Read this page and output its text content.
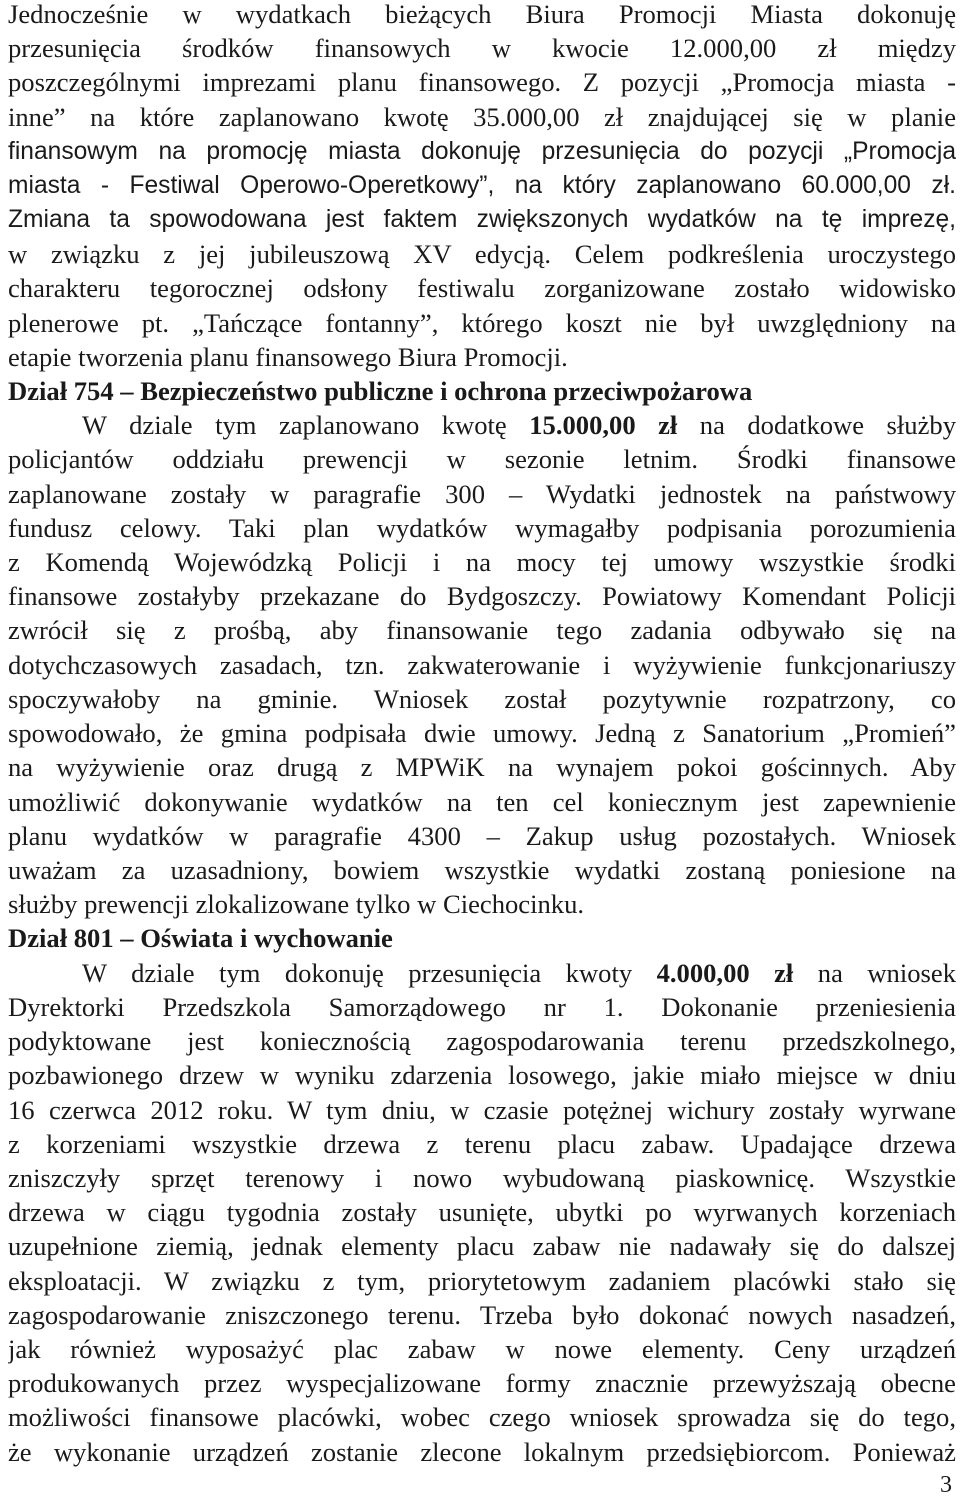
Jednocześnie w wydatkach bieżących Biura Promocji Miasta dokonuję
przesunięcia środków finansowych w kwocie 12.000,00 zł między
poszczególnymi imprezami planu finansowego. Z pozycji „Promocja miasta -
inne” na które zaplanowano kwotę 35.000,00 zł znajdującej się w planie
finansowym na promocję miasta dokonuję przesunięcia do pozycji „Promocja
miasta - Festiwal Operowo-Operetkowy”, na który zaplanowano 60.000,00 zł.
Zmiana ta spowodowana jest faktem zwiększonych wydatków na tę imprezę,
w związku z jej jubileuszową XV edycją. Celem podkreślenia uroczystego
charakteru tegorocznej odsłony festiwalu zorganizowane zostało widowisko
plenerowe pt. „Tańczące fontanny”, którego koszt nie był uwzględniony na
etapie tworzenia planu finansowego Biura Promocji.
Dział 754 – Bezpieczeństwo publiczne i ochrona przeciwpożarowa
W dziale tym zaplanowano kwotę 15.000,00 zł na dodatkowe służby
policjantów oddziału prewencji w sezonie letnim. Środki finansowe
zaplanowane zostały w paragrafie 300 – Wydatki jednostek na państwowy
fundusz celowy. Taki plan wydatków wymagałby podpisania porozumienia
z Komendą Wojewódzką Policji i na mocy tej umowy wszystkie środki
finansowe zostałyby przekazane do Bydgoszczy. Powiatowy Komendant Policji
zwrócił się z prośbą, aby finansowanie tego zadania odbywało się na
dotychczasowych zasadach, tzn. zakwaterowanie i wyżywienie funkcjonariuszy
spoczywałoby na gminie. Wniosek został pozytywnie rozpatrzony, co
spowodowało, że gmina podpisała dwie umowy. Jedną z Sanatorium „Promień”
na wyżywienie oraz drugą z MPWiK na wynajem pokoi gościnnych. Aby
umożliwić dokonywanie wydatków na ten cel koniecznym jest zapewnienie
planu wydatków w paragrafie 4300 – Zakup usług pozostałych. Wniosek
uważam za uzasadniony, bowiem wszystkie wydatki zostaną poniesione na
służby prewencji zlokalizowane tylko w Ciechocinku.
Dział 801 – Oświata i wychowanie
W dziale tym dokonuję przesunięcia kwoty 4.000,00 zł na wniosek
Dyrektorki Przedszkola Samorządowego nr 1. Dokonanie przeniesienia
podyktowane jest koniecznością zagospodarowania terenu przedszkolnego,
pozbawionego drzew w wyniku zdarzenia losowego, jakie miało miejsce w dniu
16 czerwca 2012 roku. W tym dniu, w czasie potężnej wichury zostały wyrwane
z korzeniami wszystkie drzewa z terenu placu zabaw. Upadające drzewa
zniszczyły sprzęt terenowy i nowo wybudowaną piaskownicę. Wszystkie
drzewa w ciągu tygodnia zostały usunięte, ubytki po wyrwanych korzeniach
uzupełnione ziemią, jednak elementy placu zabaw nie nadawały się do dalszej
eksploatacji. W związku z tym, priorytetowym zadaniem placówki stało się
zagospodarowanie zniszczonego terenu. Trzeba było dokonać nowych nasadzeń,
jak również wyposażyć plac zabaw w nowe elementy. Ceny urządzeń
produkowanych przez wyspecjalizowane formy znacznie przewyższają obecne
możliwości finansowe placówki, wobec czego wniosek sprowadza się do tego,
że wykonanie urządzeń zostanie zlecone lokalnym przedsiębiorcom. Ponieważ
3
